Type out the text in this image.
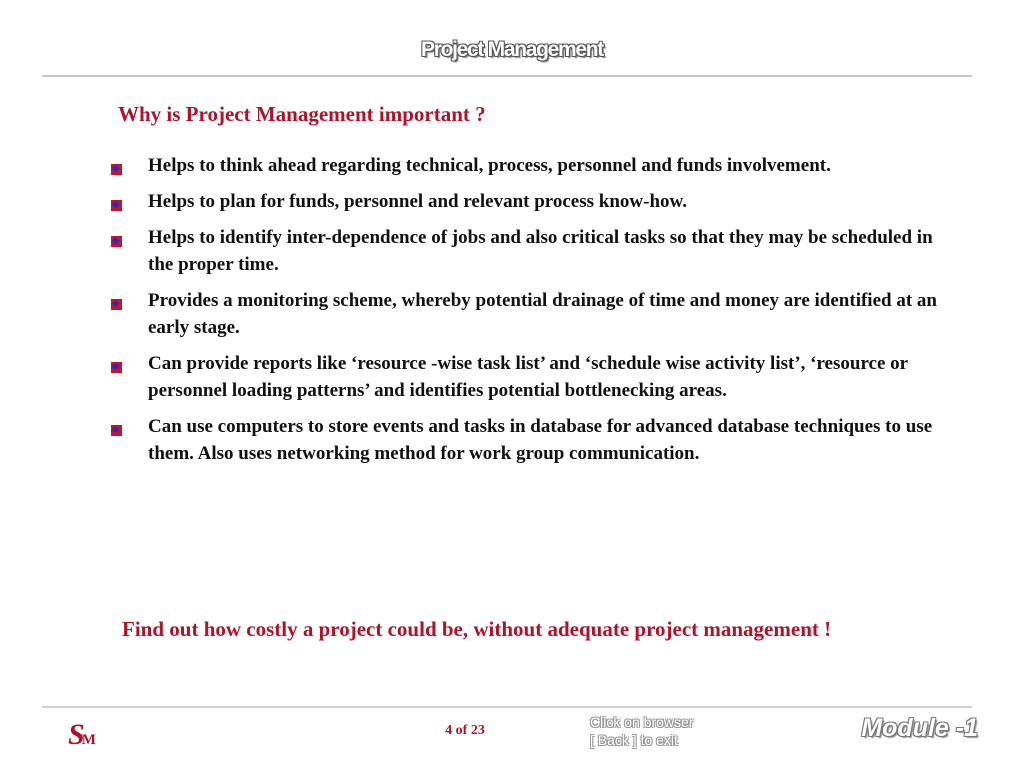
Project Management
Why is Project Management important ?
Helps to think ahead regarding technical, process, personnel and funds involvement.
Helps to plan for funds, personnel and relevant process know-how.
Helps to identify inter-dependence of jobs and also critical tasks so that they may be scheduled in the proper time.
Provides a monitoring scheme, whereby potential drainage of time and money are identified at an early stage.
Can provide reports like ‘resource -wise task list’ and ‘schedule wise activity list’, ‘resource or personnel loading patterns’ and identifies potential bottlenecking areas.
Can use computers to store events and tasks in database for advanced database techniques to use them. Also uses networking method for work group communication.
Find out how costly a project could be, without adequate project management !
SM
4 of 23
Click on browser
[ Back ] to exit	Module -1
